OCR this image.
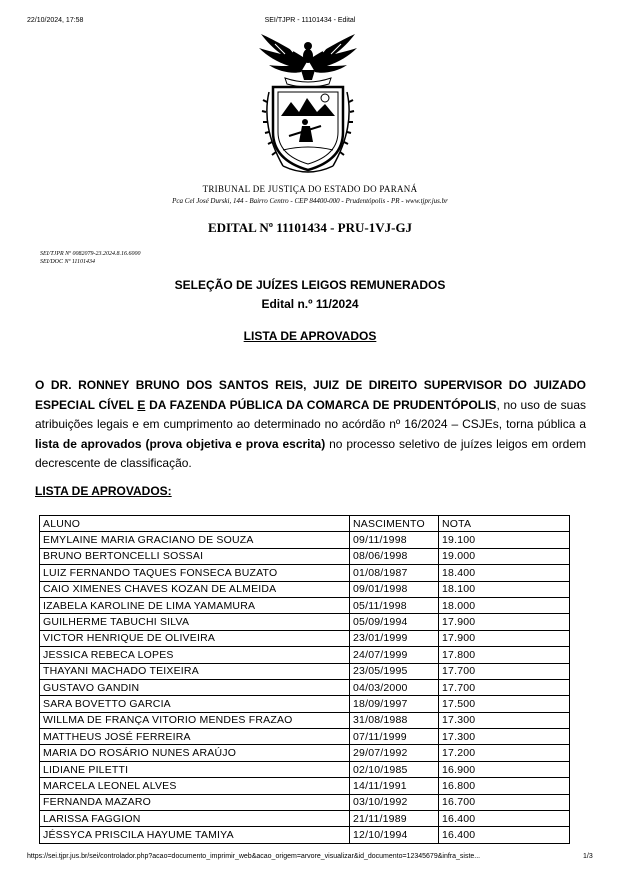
22/10/2024, 17:58	SEI/TJPR - 11101434 - Edital
TRIBUNAL DE JUSTIÇA DO ESTADO DO PARANÁ
Pca Cel José Durski, 144 - Bairro Centro - CEP 84400-000 - Prudentópolis - PR - www.tjpr.jus.br
EDITAL Nº 11101434 - PRU-1VJ-GJ
SEI/TJPR Nº 0082079-23.2024.8.16.6000
SEI/DOC Nº 11101434
SELEÇÃO DE JUÍZES LEIGOS REMUNERADOS
Edital n.º 11/2024
LISTA DE APROVADOS
O DR. RONNEY BRUNO DOS SANTOS REIS, JUIZ DE DIREITO SUPERVISOR DO JUIZADO ESPECIAL CÍVEL E DA FAZENDA PÚBLICA DA COMARCA DE PRUDENTÓPOLIS, no uso de suas atribuições legais e em cumprimento ao determinado no acórdão nº 16/2024 – CSJEs, torna pública a lista de aprovados (prova objetiva e prova escrita) no processo seletivo de juízes leigos em ordem decrescente de classificação.
LISTA DE APROVADOS:
ALUNO	NASCIMENTO	NOTA
EMYLAINE MARIA GRACIANO DE SOUZA	09/11/1998	19.100
BRUNO BERTONCELLI SOSSAI	08/06/1998	19.000
LUIZ FERNANDO TAQUES FONSECA BUZATO	01/08/1987	18.400
CAIO XIMENES CHAVES KOZAN DE ALMEIDA	09/01/1998	18.100
IZABELA KAROLINE DE LIMA YAMAMURA	05/11/1998	18.000
GUILHERME TABUCHI SILVA	05/09/1994	17.900
VICTOR HENRIQUE DE OLIVEIRA	23/01/1999	17.900
JESSICA REBECA LOPES	24/07/1999	17.800
THAYANI MACHADO TEIXEIRA	23/05/1995	17.700
GUSTAVO GANDIN	04/03/2000	17.700
SARA BOVETTO GARCIA	18/09/1997	17.500
WILLMA DE FRANÇA VITORIO MENDES FRAZAO	31/08/1988	17.300
MATTHEUS JOSÉ FERREIRA	07/11/1999	17.300
MARIA DO ROSÁRIO NUNES ARAÚJO	29/07/1992	17.200
LIDIANE PILETTI	02/10/1985	16.900
MARCELA LEONEL ALVES	14/11/1991	16.800
FERNANDA MAZARO	03/10/1992	16.700
LARISSA FAGGION	21/11/1989	16.400
JÉSSYCA PRISCILA HAYUME TAMIYA	12/10/1994	16.400
https://sei.tjpr.jus.br/sei/controlador.php?acao=documento_imprimir_web&acao_origem=arvore_visualizar&id_documento=12345679&infra_siste...	1/3
